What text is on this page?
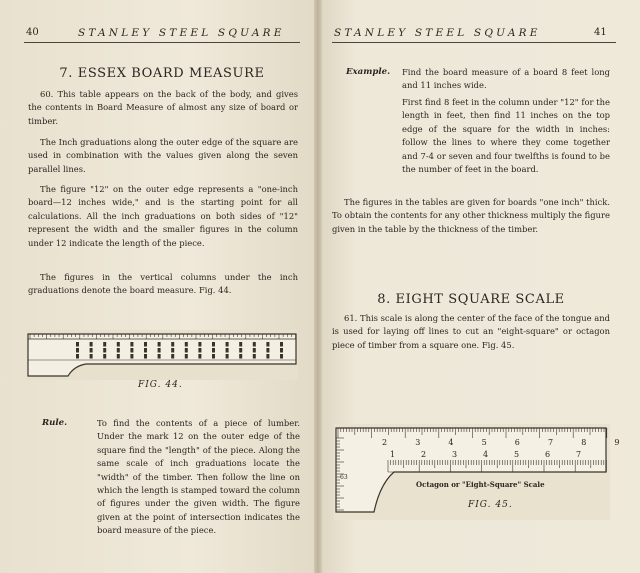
40	STANLEY STEEL SQUARE
7. ESSEX BOARD MEASURE
60. This table appears on the back of the body, and gives the contents in Board Measure of almost any size of board or timber.
The Inch graduations along the outer edge of the square are used in combination with the values given along the seven parallel lines.
The figure "12" on the outer edge represents a "one-inch board—12 inches wide," and is the starting point for all calculations. All the inch graduations on both sides of "12" represent the width and the smaller figures in the column under 12 indicate the length of the piece.
The figures in the vertical columns under the inch graduations denote the board measure. Fig. 44.
FIG. 44.
Rule.	To find the contents of a piece of lumber. Under the mark 12 on the outer edge of the square find the "length" of the piece. Along the same scale of inch graduations locate the "width" of the timber. Then follow the line on which the length is stamped toward the column of figures under the given width. The figure given at the point of intersection indicates the board measure of the piece.
STANLEY STEEL SQUARE	41
Example. Find the board measure of a board 8 feet long and 11 inches wide.
First find 8 feet in the column under "12" for the length in feet, then find 11 inches on the top edge of the square for the width in inches: follow the lines to where they come together and 7-4 or seven and four twelfths is found to be the number of feet in the board.
The figures in the tables are given for boards "one inch" thick. To obtain the contents for any other thickness multiply the figure given in the table by the thickness of the timber.
8. EIGHT SQUARE SCALE
61. This scale is along the center of the face of the tongue and is used for laying off lines to cut an "eight-square" or octagon piece of timber from a square one. Fig. 45.
2	3	4	5	6	7	8	9
1	2	3	4	5	6	7
63
Octagon or "Eight-Square" Scale
FIG. 45.
